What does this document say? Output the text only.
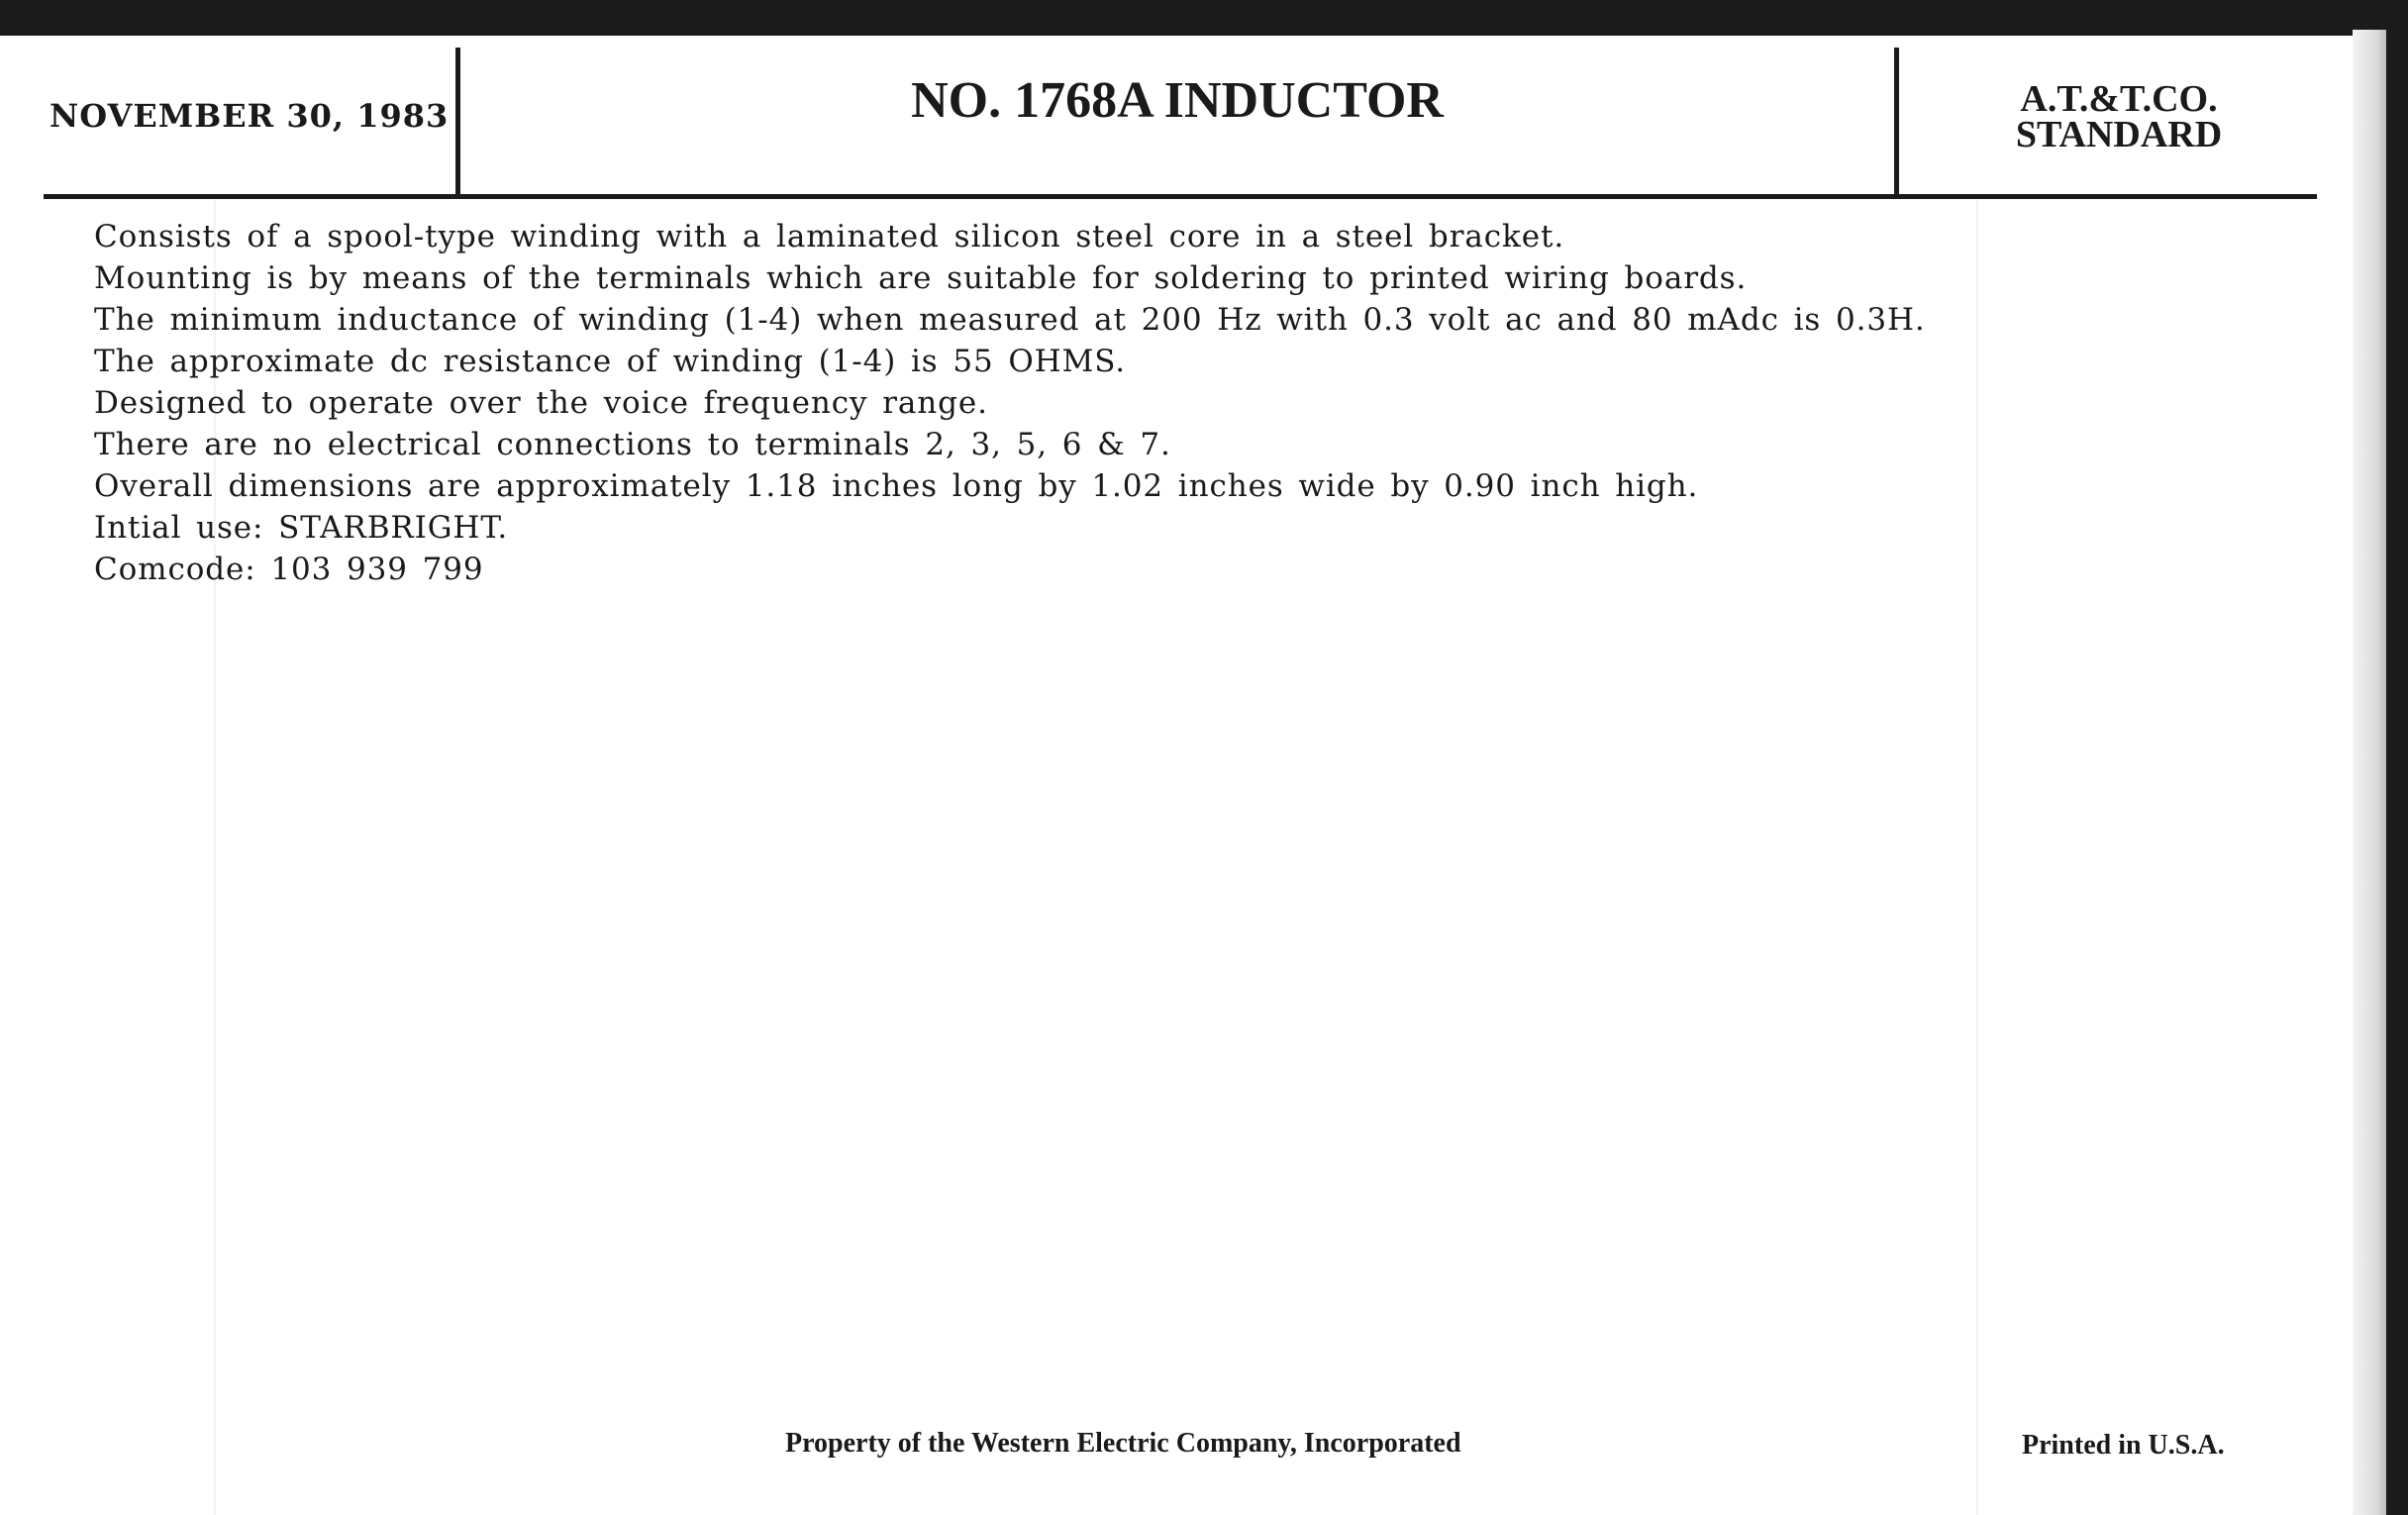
NOVEMBER 30, 1983	NO. 1768A INDUCTOR	A.T.&T.CO.
STANDARD
Consists of a spool-type winding with a laminated silicon steel core in a steel bracket.
Mounting is by means of the terminals which are suitable for soldering to printed wiring boards.
The minimum inductance of winding (1-4) when measured at 200 Hz with 0.3 volt ac and 80 mAdc is 0.3H.
The approximate dc resistance of winding (1-4) is 55 OHMS.
Designed to operate over the voice frequency range.
There are no electrical connections to terminals 2, 3, 5, 6 & 7.
Overall dimensions are approximately 1.18 inches long by 1.02 inches wide by 0.90 inch high.
Intial use: STARBRIGHT.
Comcode: 103 939 799
Property of the Western Electric Company, Incorporated	Printed in U.S.A.
